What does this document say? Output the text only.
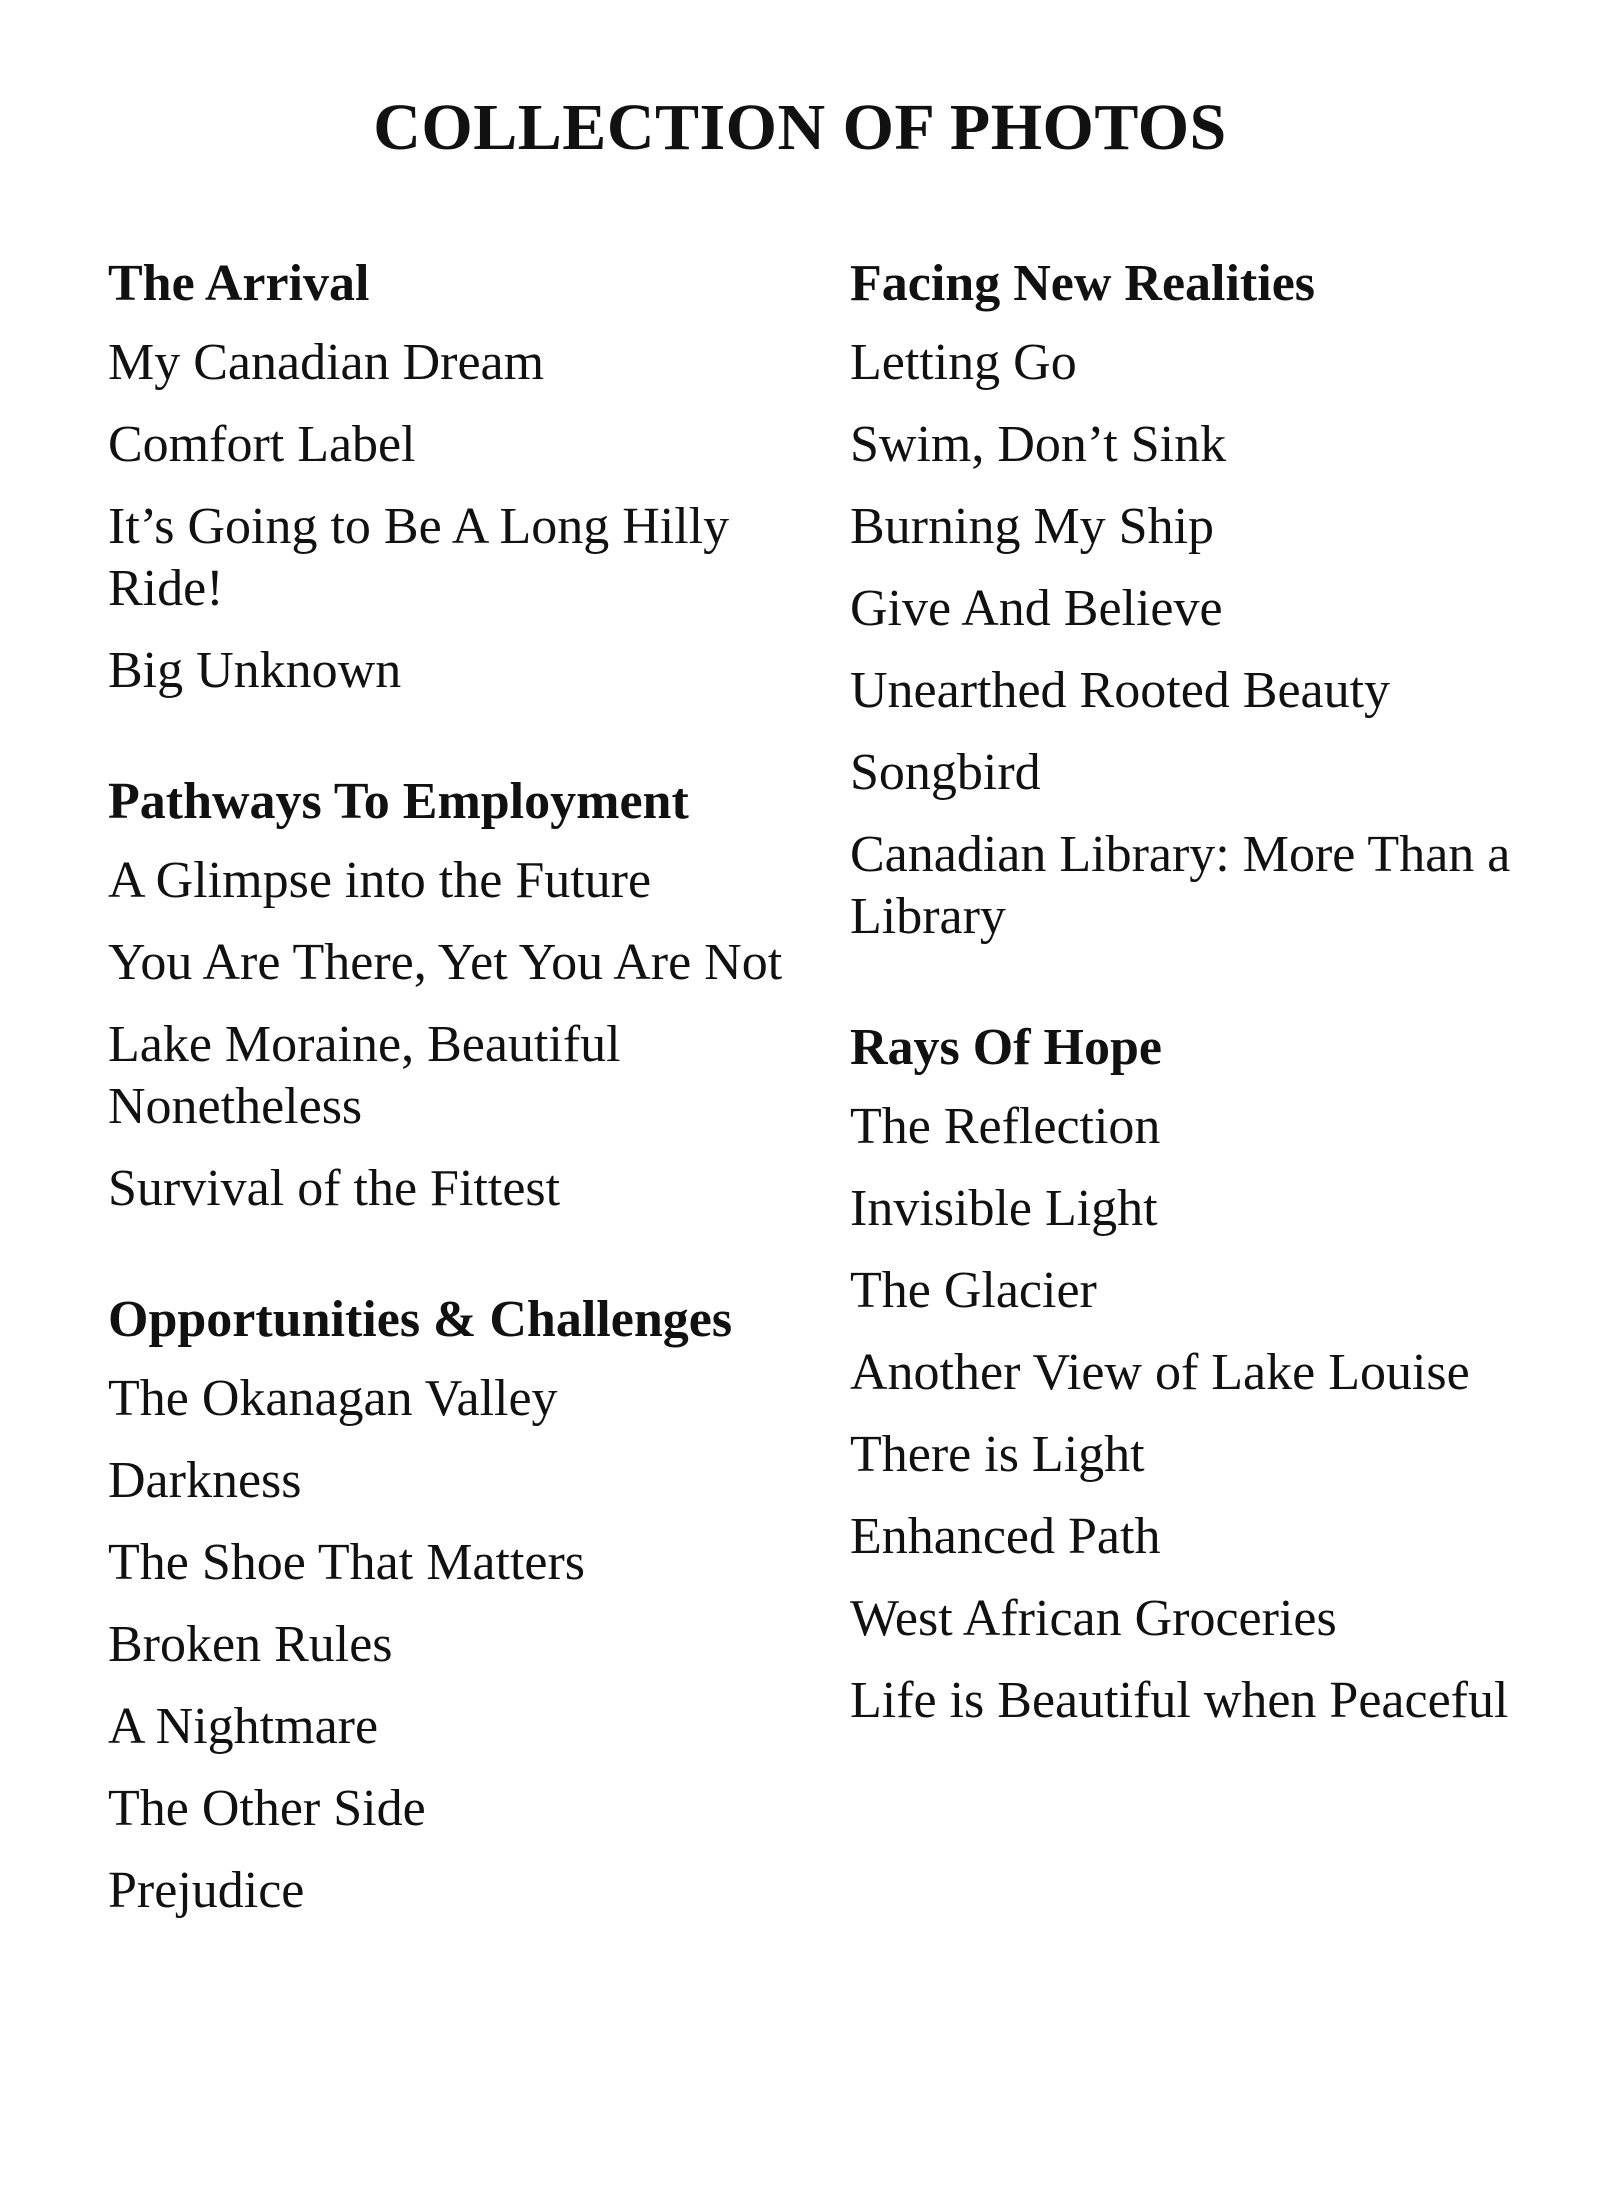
COLLECTION OF PHOTOS
The Arrival
My Canadian Dream
Comfort Label
It’s Going to Be A Long Hilly Ride!
Big Unknown
Pathways To Employment
A Glimpse into the Future
You Are There, Yet You Are Not
Lake Moraine, Beautiful Nonetheless
Survival of the Fittest
Opportunities & Challenges
The Okanagan Valley
Darkness
The Shoe That Matters
Broken Rules
A Nightmare
The Other Side
Prejudice
Facing New Realities
Letting Go
Swim, Don’t Sink
Burning My Ship
Give And Believe
Unearthed Rooted Beauty
Songbird
Canadian Library: More Than a Library
Rays Of Hope
The Reflection
Invisible Light
The Glacier
Another View of Lake Louise
There is Light
Enhanced Path
West African Groceries
Life is Beautiful when Peaceful
